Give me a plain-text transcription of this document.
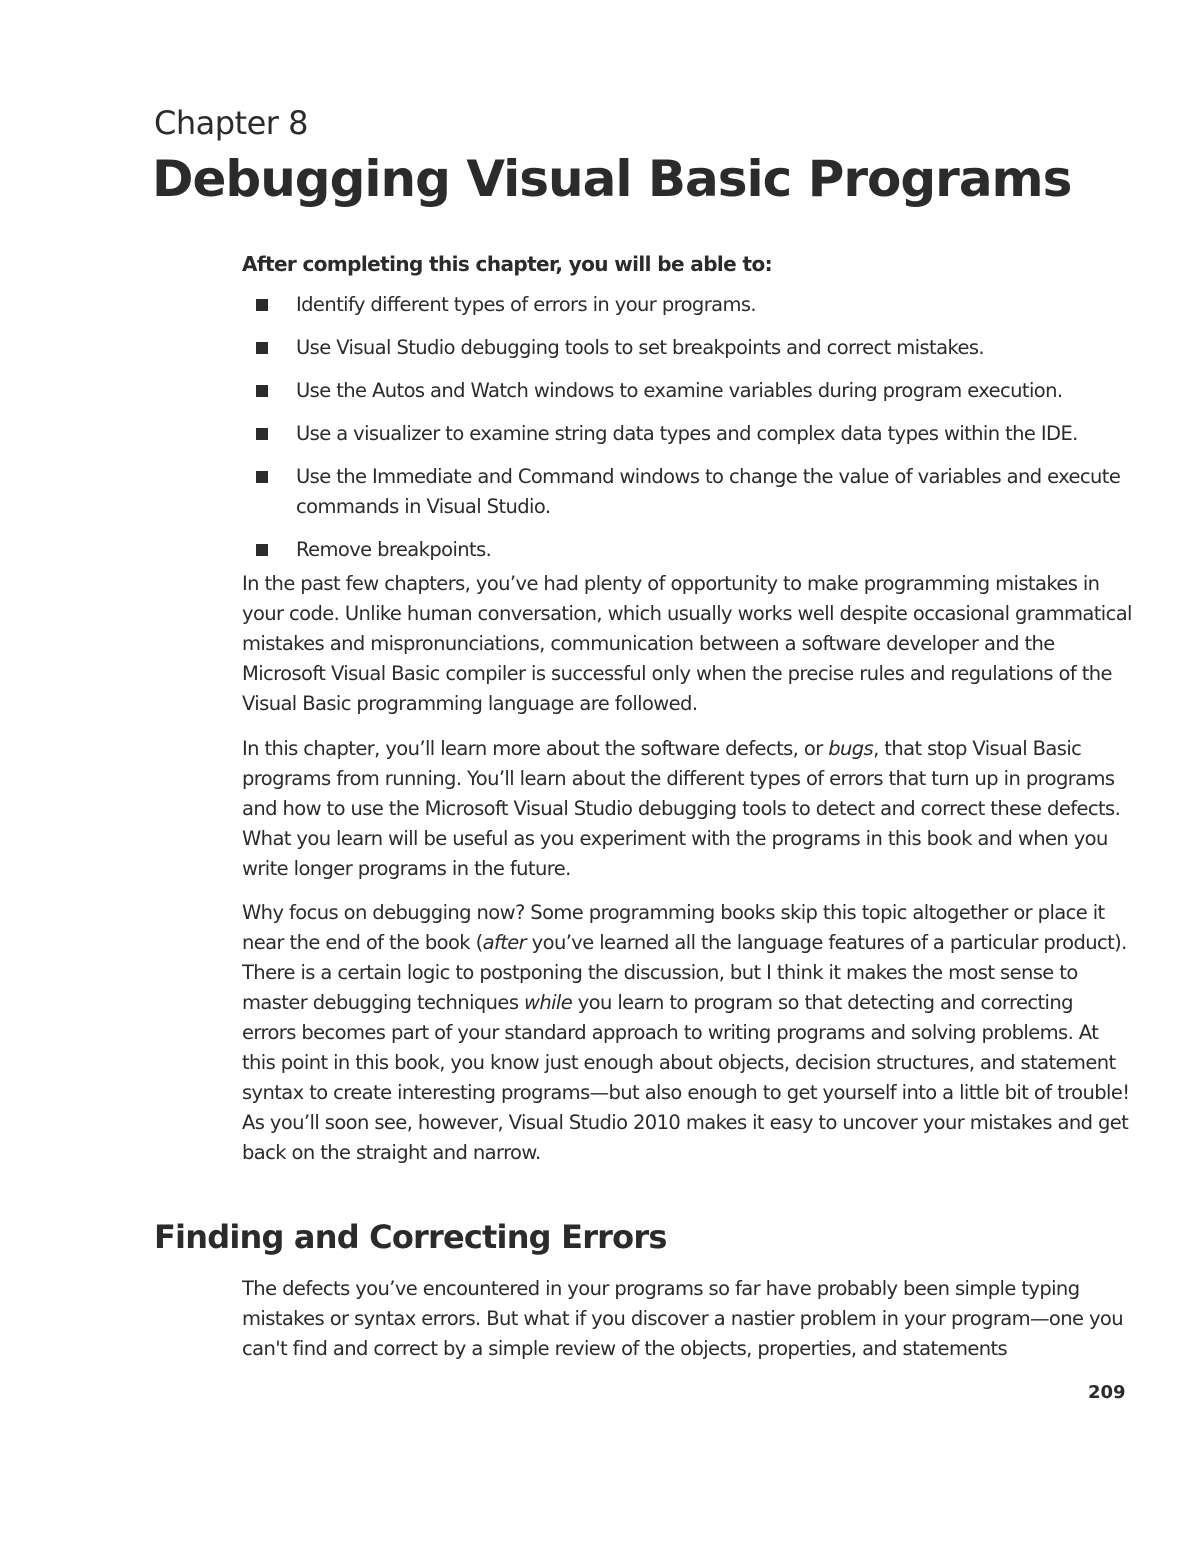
Chapter 8
Debugging Visual Basic Programs
After completing this chapter, you will be able to:
Identify different types of errors in your programs.
Use Visual Studio debugging tools to set breakpoints and correct mistakes.
Use the Autos and Watch windows to examine variables during program execution.
Use a visualizer to examine string data types and complex data types within the IDE.
Use the Immediate and Command windows to change the value of variables and execute commands in Visual Studio.
Remove breakpoints.

In the past few chapters, you’ve had plenty of opportunity to make programming mistakes in your code. Unlike human conversation, which usually works well despite occasional grammatical mistakes and mispronunciations, communication between a software developer and the Microsoft Visual Basic compiler is successful only when the precise rules and regulations of the Visual Basic programming language are followed.

In this chapter, you’ll learn more about the software defects, or bugs, that stop Visual Basic programs from running. You’ll learn about the different types of errors that turn up in programs and how to use the Microsoft Visual Studio debugging tools to detect and correct these defects. What you learn will be useful as you experiment with the programs in this book and when you write longer programs in the future.

Why focus on debugging now? Some programming books skip this topic altogether or place it near the end of the book (after you’ve learned all the language features of a particular product). There is a certain logic to postponing the discussion, but I think it makes the most sense to master debugging techniques while you learn to program so that detecting and correcting errors becomes part of your standard approach to writing programs and solving problems. At this point in this book, you know just enough about objects, decision structures, and statement syntax to create interesting programs—but also enough to get yourself into a little bit of trouble! As you’ll soon see, however, Visual Studio 2010 makes it easy to uncover your mistakes and get back on the straight and narrow.

Finding and Correcting Errors

The defects you’ve encountered in your programs so far have probably been simple typing mistakes or syntax errors. But what if you discover a nastier problem in your program—one you can't find and correct by a simple review of the objects, properties, and statements

209
